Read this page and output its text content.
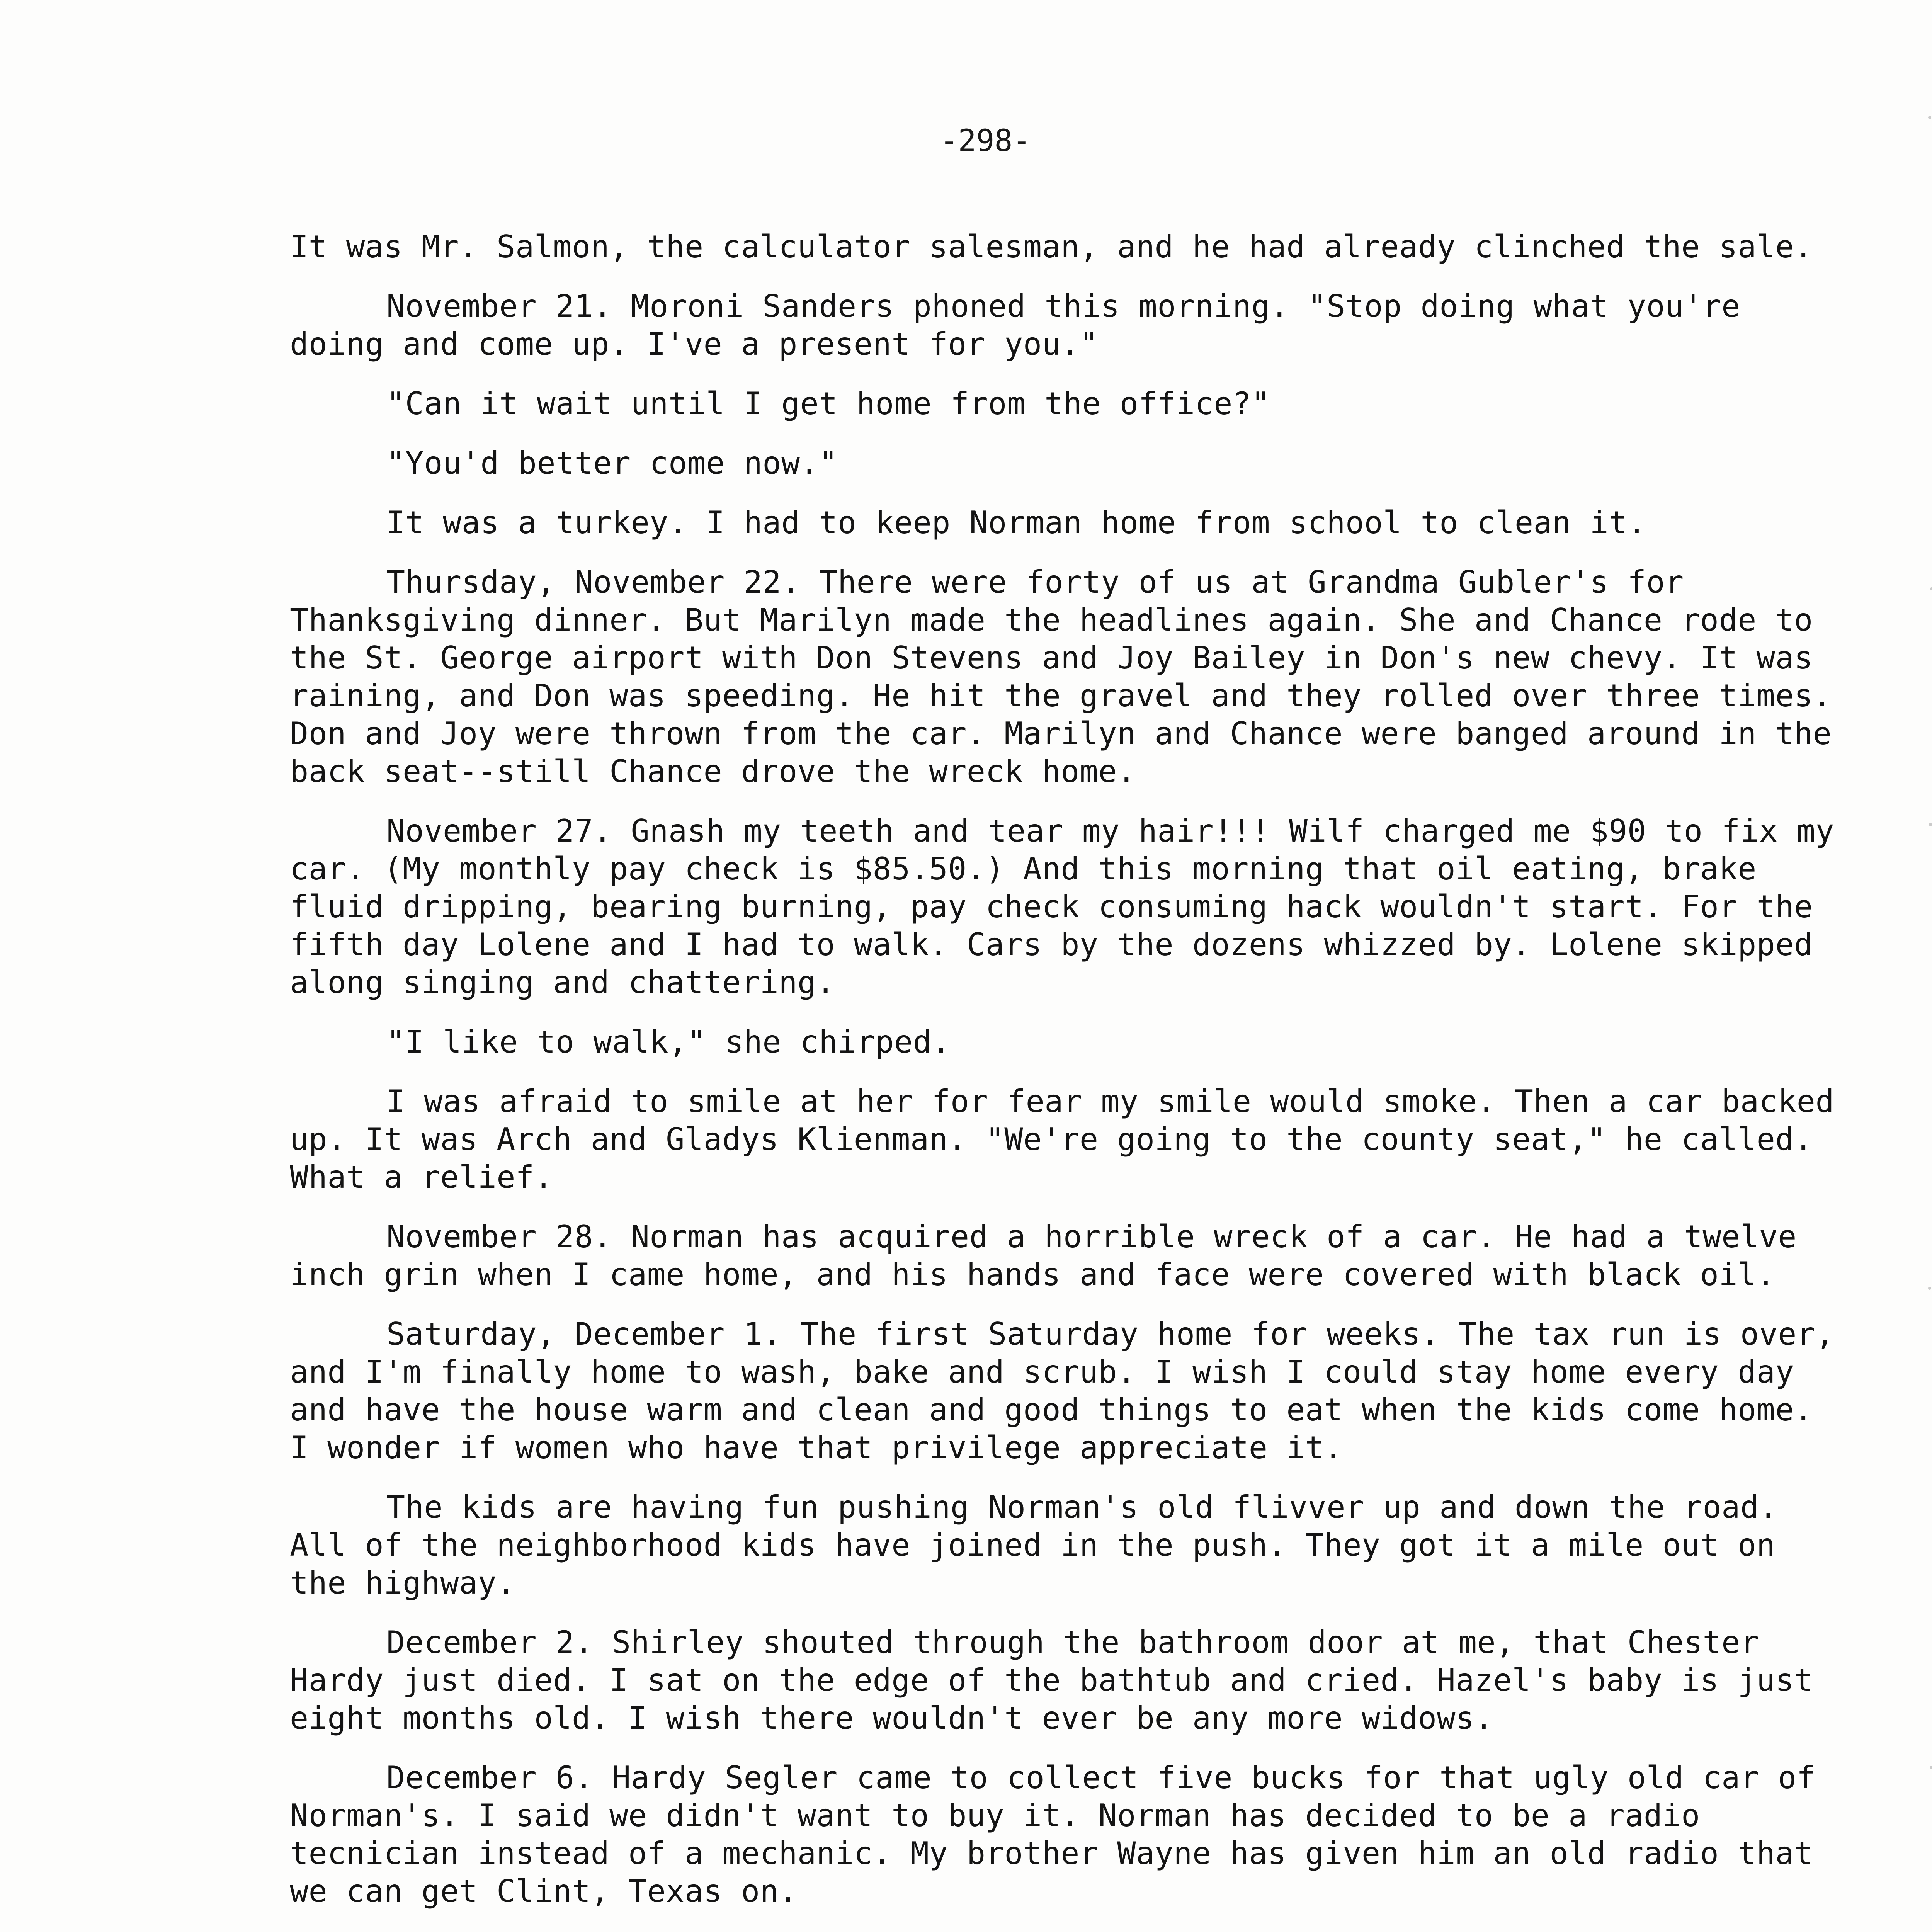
-298-

It was Mr. Salmon, the calculator salesman, and he had already clinched the sale.

November 21. Moroni Sanders phoned this morning. "Stop doing what you're doing and come up. I've a present for you."

"Can it wait until I get home from the office?"

"You'd better come now."

It was a turkey. I had to keep Norman home from school to clean it.

Thursday, November 22. There were forty of us at Grandma Gubler's for Thanksgiving dinner. But Marilyn made the headlines again. She and Chance rode to the St. George airport with Don Stevens and Joy Bailey in Don's new chevy. It was raining, and Don was speeding. He hit the gravel and they rolled over three times. Don and Joy were thrown from the car. Marilyn and Chance were banged around in the back seat--still Chance drove the wreck home.

November 27. Gnash my teeth and tear my hair!!! Wilf charged me $90 to fix my car. (My monthly pay check is $85.50.) And this morning that oil eating, brake fluid dripping, bearing burning, pay check consuming hack wouldn't start. For the fifth day Lolene and I had to walk. Cars by the dozens whizzed by. Lolene skipped along singing and chattering.

"I like to walk," she chirped.

I was afraid to smile at her for fear my smile would smoke. Then a car backed up. It was Arch and Gladys Klienman. "We're going to the county seat," he called. What a relief.

November 28. Norman has acquired a horrible wreck of a car. He had a twelve inch grin when I came home, and his hands and face were covered with black oil.

Saturday, December 1. The first Saturday home for weeks. The tax run is over, and I'm finally home to wash, bake and scrub. I wish I could stay home every day and have the house warm and clean and good things to eat when the kids come home. I wonder if women who have that privilege appreciate it.

The kids are having fun pushing Norman's old flivver up and down the road. All of the neighborhood kids have joined in the push. They got it a mile out on the highway.

December 2. Shirley shouted through the bathroom door at me, that Chester Hardy just died. I sat on the edge of the bathtub and cried. Hazel's baby is just eight months old. I wish there wouldn't ever be any more widows.

December 6. Hardy Segler came to collect five bucks for that ugly old car of Norman's. I said we didn't want to buy it. Norman has decided to be a radio tecnician instead of a mechanic. My brother Wayne has given him an old radio that we can get Clint, Texas on.
